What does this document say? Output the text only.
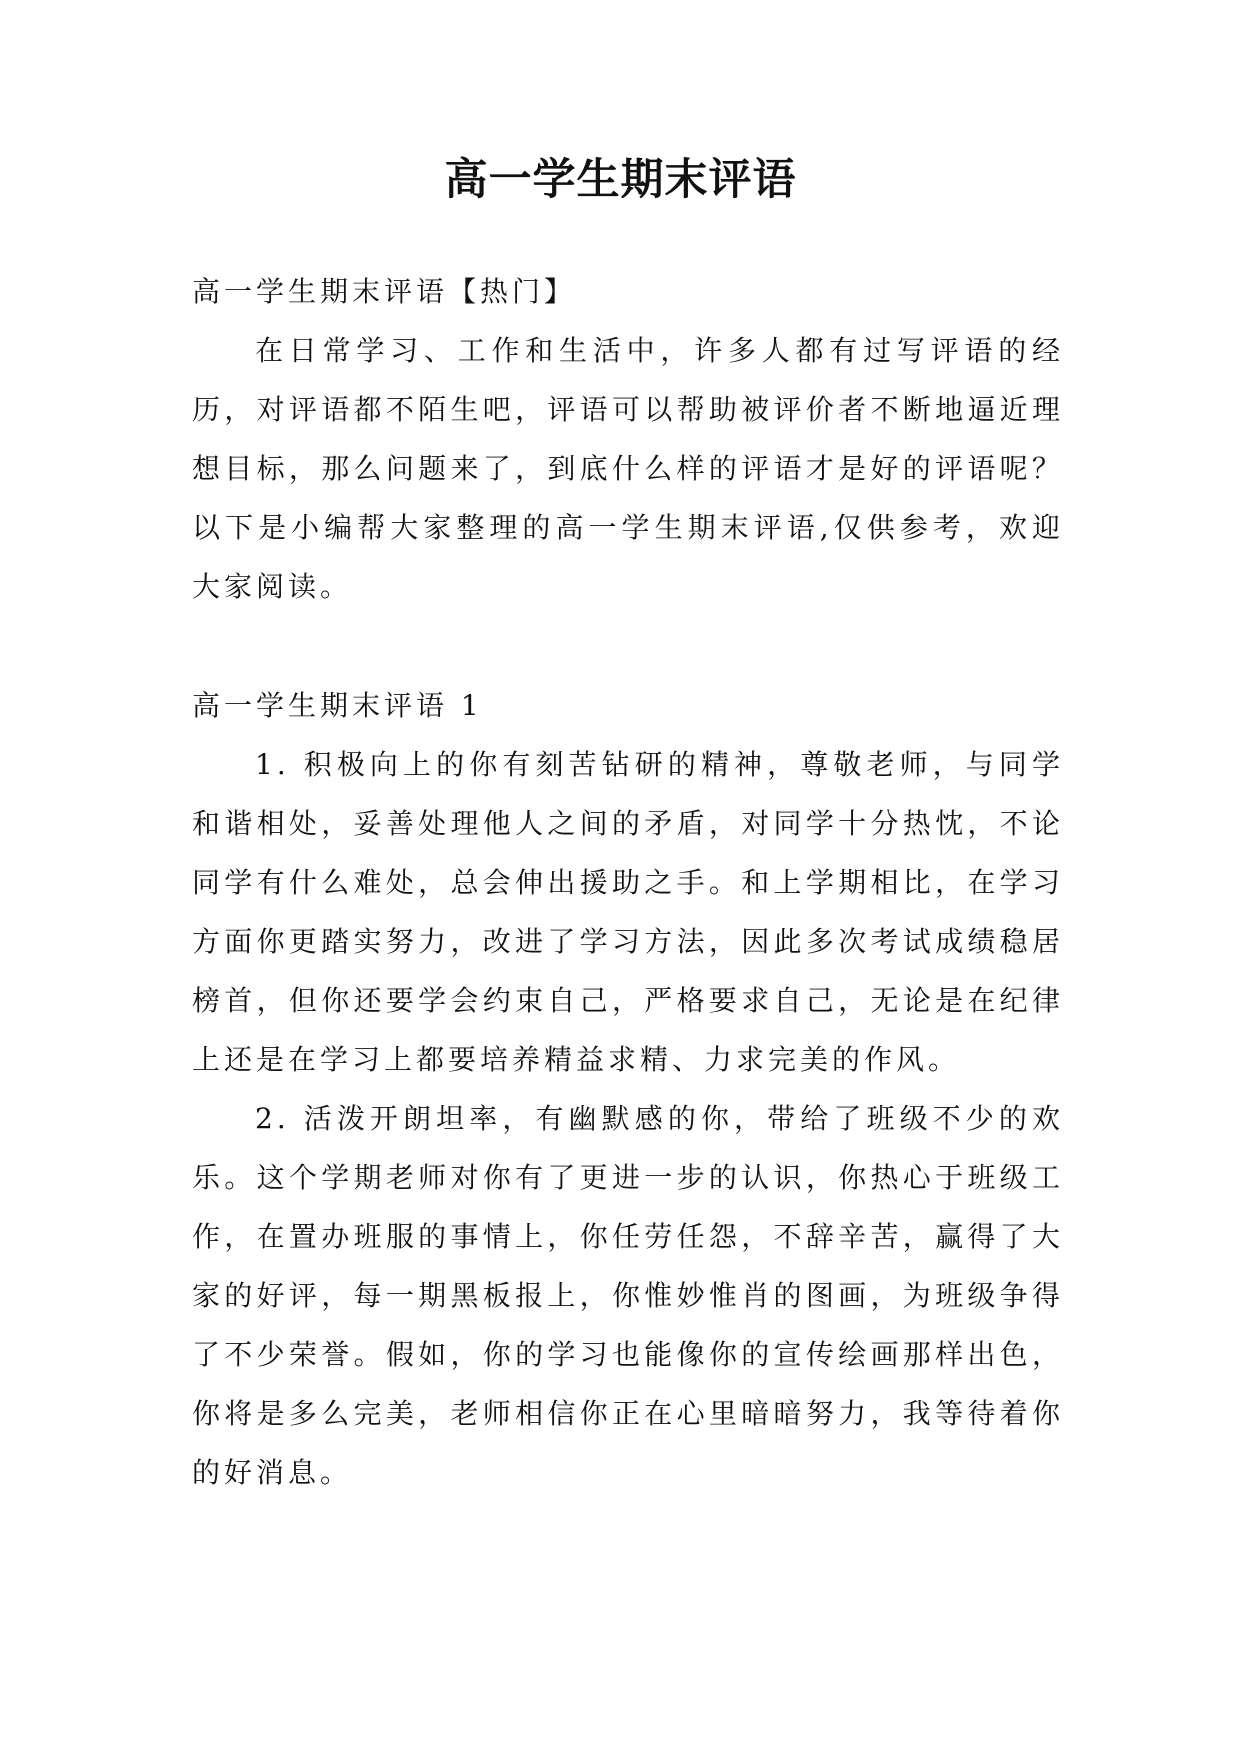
高一学生期末评语

高一学生期末评语【热门】

在日常学习、工作和生活中，许多人都有过写评语的经历，对评语都不陌生吧，评语可以帮助被评价者不断地逼近理想目标，那么问题来了，到底什么样的评语才是好的评语呢？以下是小编帮大家整理的高一学生期末评语,仅供参考，欢迎大家阅读。

高一学生期末评语 1

1. 积极向上的你有刻苦钻研的精神，尊敬老师，与同学和谐相处，妥善处理他人之间的矛盾，对同学十分热忱，不论同学有什么难处，总会伸出援助之手。和上学期相比，在学习方面你更踏实努力，改进了学习方法，因此多次考试成绩稳居榜首，但你还要学会约束自己，严格要求自己，无论是在纪律上还是在学习上都要培养精益求精、力求完美的作风。

2. 活泼开朗坦率，有幽默感的你，带给了班级不少的欢乐。这个学期老师对你有了更进一步的认识，你热心于班级工作，在置办班服的事情上，你任劳任怨，不辞辛苦，赢得了大家的好评，每一期黑板报上，你惟妙惟肖的图画，为班级争得了不少荣誉。假如，你的学习也能像你的宣传绘画那样出色，你将是多么完美，老师相信你正在心里暗暗努力，我等待着你的好消息。
